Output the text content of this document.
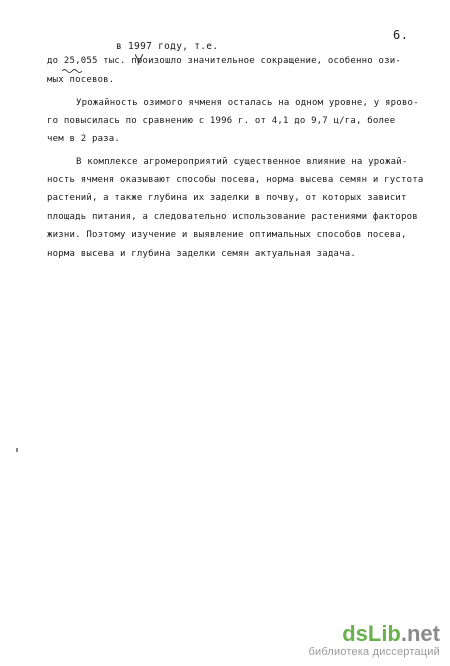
6.
в 1997 году, т.е.
до 25,055 тыс. произошло значительное сокращение, особенно ози-
мых посевов.
Урожайность озимого ячменя осталась на одном уровне, у ярово-
го повысилась по сравнению с 1996 г. от 4,1 до 9,7 ц/га, более
чем в 2 раза.
В комплексе агромероприятий существенное влияние на урожай-
ность ячменя оказывают способы посева, норма высева семян и густота
растений, а также глубина их заделки в почву, от которых зависит
площадь питания, а следовательно использование растениями факторов
жизни. Поэтому изучение и выявление оптимальных способов посева,
норма высева и глубина заделки семян актуальная задача.
dsLib .net
библиотека диссертаций
